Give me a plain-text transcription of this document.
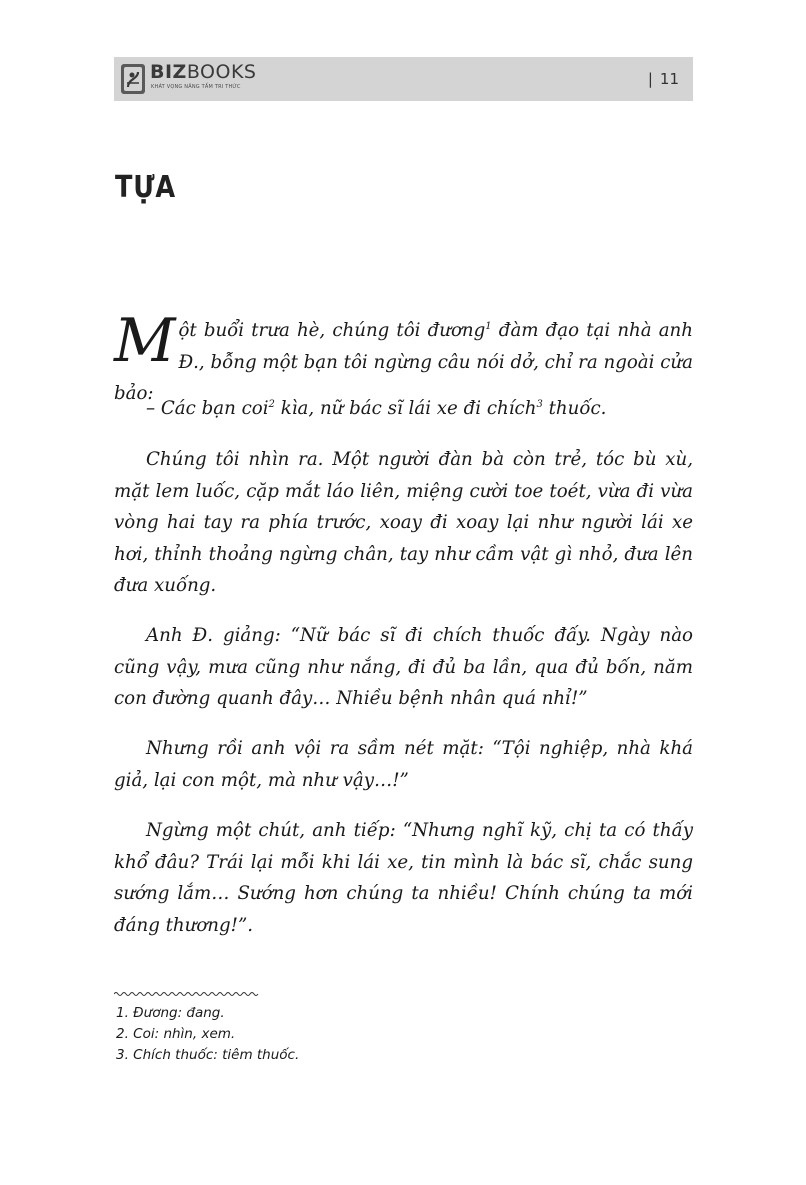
BIZBOOKS
KHÁT VỌNG NÂNG TẦM TRI THỨC	| 11
TỰA

Một buổi trưa hè, chúng tôi đương$^1$ đàm đạo tại nhà anh Đ., bỗng một bạn tôi ngừng câu nói dở, chỉ ra ngoài cửa bảo:

– Các bạn coi$^2$ kìa, nữ bác sĩ lái xe đi chích$^3$ thuốc.

Chúng tôi nhìn ra. Một người đàn bà còn trẻ, tóc bù xù, mặt lem luốc, cặp mắt láo liên, miệng cười toe toét, vừa đi vừa vòng hai tay ra phía trước, xoay đi xoay lại như người lái xe hơi, thỉnh thoảng ngừng chân, tay như cầm vật gì nhỏ, đưa lên đưa xuống.

Anh Đ. giảng: “Nữ bác sĩ đi chích thuốc đấy. Ngày nào cũng vậy, mưa cũng như nắng, đi đủ ba lần, qua đủ bốn, năm con đường quanh đây… Nhiều bệnh nhân quá nhỉ!”

Nhưng rồi anh vội ra sầm nét mặt: “Tội nghiệp, nhà khá giả, lại con một, mà như vậy…!”

Ngừng một chút, anh tiếp: “Nhưng nghĩ kỹ, chị ta có thấy khổ đâu? Trái lại mỗi khi lái xe, tin mình là bác sĩ, chắc sung sướng lắm… Sướng hơn chúng ta nhiều! Chính chúng ta mới đáng thương!”.

1. Đương: đang.
2. Coi: nhìn, xem.
3. Chích thuốc: tiêm thuốc.
